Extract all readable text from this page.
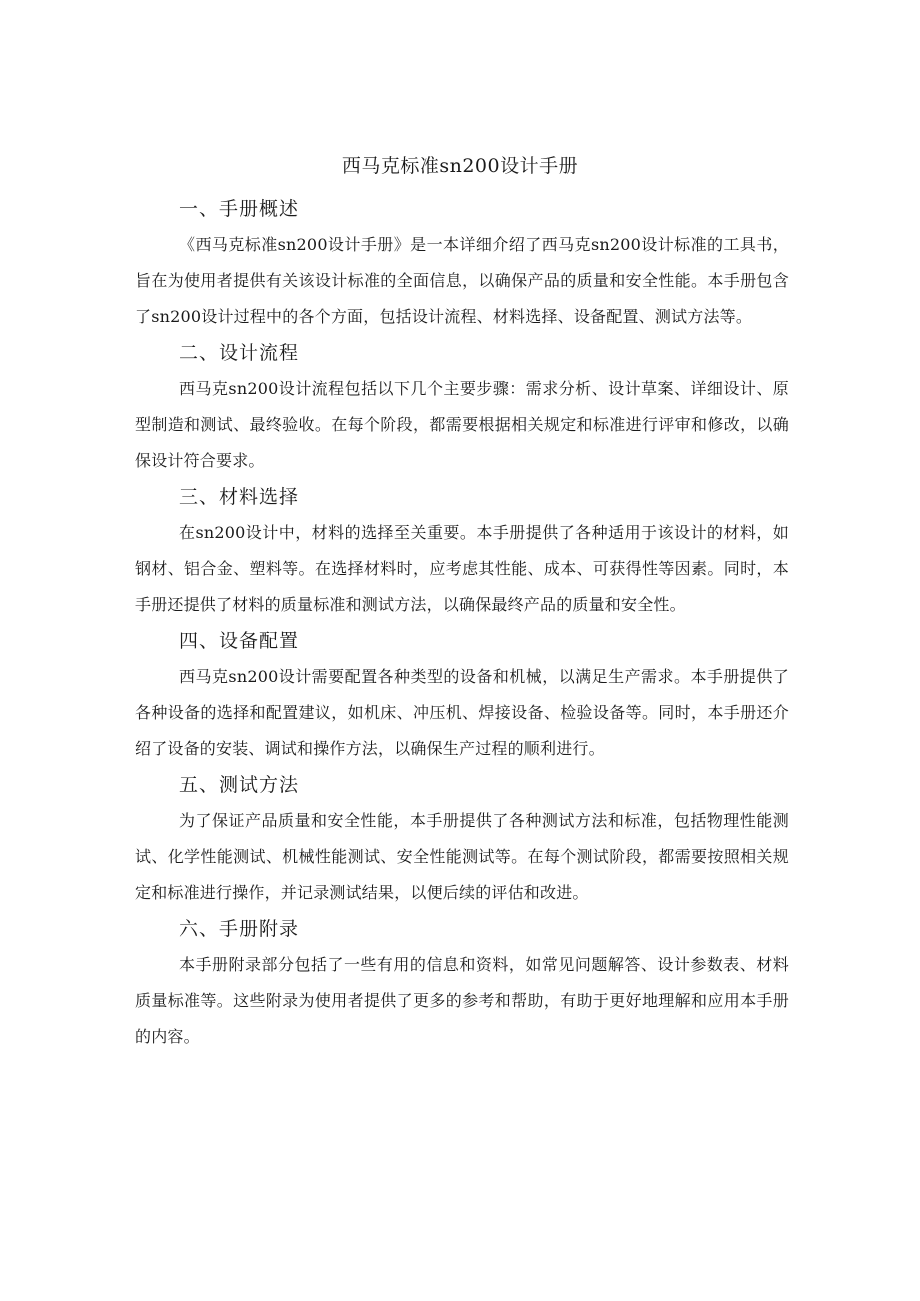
西马克标准sn200设计手册
一、手册概述

《西马克标准sn200设计手册》是一本详细介绍了西马克sn200设计标准的工具书，旨在为使用者提供有关该设计标准的全面信息，以确保产品的质量和安全性能。本手册包含了sn200设计过程中的各个方面，包括设计流程、材料选择、设备配置、测试方法等。

二、设计流程

西马克sn200设计流程包括以下几个主要步骤：需求分析、设计草案、详细设计、原型制造和测试、最终验收。在每个阶段，都需要根据相关规定和标准进行评审和修改，以确保设计符合要求。

三、材料选择

在sn200设计中，材料的选择至关重要。本手册提供了各种适用于该设计的材料，如钢材、铝合金、塑料等。在选择材料时，应考虑其性能、成本、可获得性等因素。同时，本手册还提供了材料的质量标准和测试方法，以确保最终产品的质量和安全性。

四、设备配置

西马克sn200设计需要配置各种类型的设备和机械，以满足生产需求。本手册提供了各种设备的选择和配置建议，如机床、冲压机、焊接设备、检验设备等。同时，本手册还介绍了设备的安装、调试和操作方法，以确保生产过程的顺利进行。

五、测试方法

为了保证产品质量和安全性能，本手册提供了各种测试方法和标准，包括物理性能测试、化学性能测试、机械性能测试、安全性能测试等。在每个测试阶段，都需要按照相关规定和标准进行操作，并记录测试结果，以便后续的评估和改进。

六、手册附录

本手册附录部分包括了一些有用的信息和资料，如常见问题解答、设计参数表、材料质量标准等。这些附录为使用者提供了更多的参考和帮助，有助于更好地理解和应用本手册的内容。
